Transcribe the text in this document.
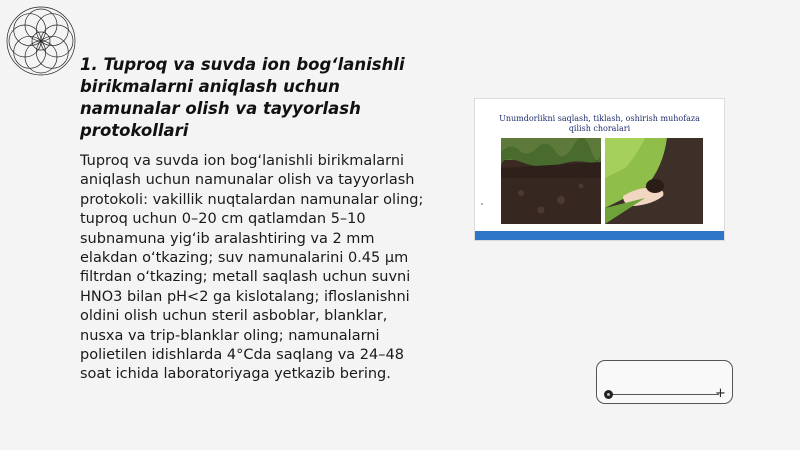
1. Tuproq va suvda ion bog‘lanishli birikmalarni aniqlash uchun namunalar olish va tayyorlash protokollari

Tuproq va suvda ion bog‘lanishli birikmalarni aniqlash uchun namunalar olish va tayyorlash protokoli: vakillik nuqtalardan namunalar oling; tuproq uchun 0–20 cm qatlamdan 5–10 subnamuna yig‘ib aralashtiring va 2 mm elakdan o‘tkazing; suv namunalarini 0.45 µm filtrdan o‘tkazing; metall saqlash uchun suvni HNO3 bilan pH<2 ga kislotalang; ifloslanishni oldini olish uchun steril asboblar, blanklar, nusxa va trip-blanklar oling; namunalarni polietilen idishlarda 4°Cda saqlang va 24–48 soat ichida laboratoriyaga yetkazib bering.

Unumdorlikni saqlash, tiklash, oshirish muhofaza
qilish choralari
+
